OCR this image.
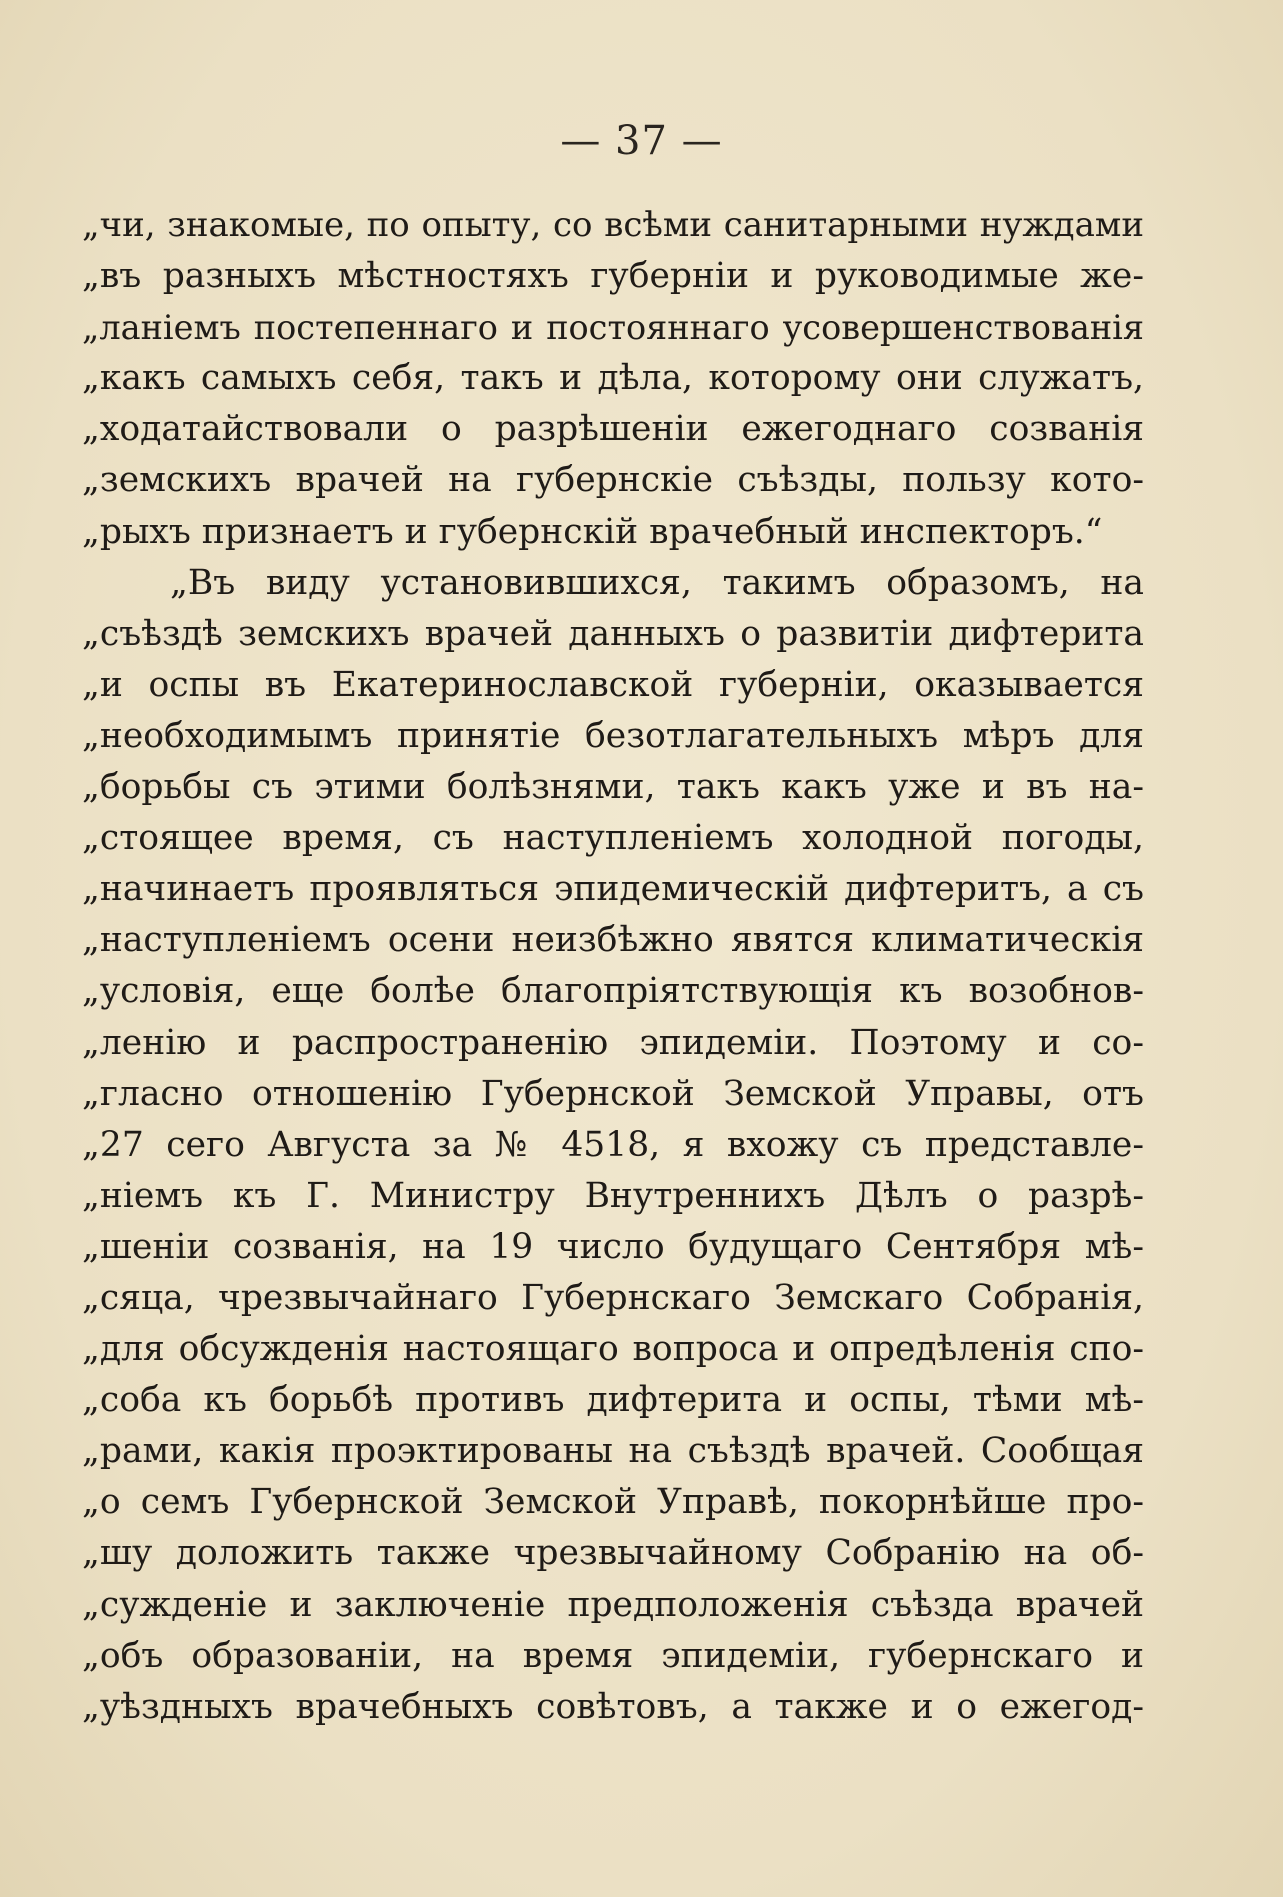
— 37 —
„чи, знакомые, по опыту, со всѣми санитарными нуждами
„въ разныхъ мѣстностяхъ губерніи и руководимые же-
„ланіемъ постепеннаго и постояннаго усовершенствованія
„какъ самыхъ себя, такъ и дѣла, которому они служатъ,
„ходатайствовали о разрѣшеніи ежегоднаго созванія
„земскихъ врачей на губернскіе съѣзды, пользу кото-
„рыхъ признаетъ и губернскій врачебный инспекторъ.“
„Въ виду установившихся, такимъ образомъ, на
„съѣздѣ земскихъ врачей данныхъ о развитіи дифтерита
„и оспы въ Екатеринославской губерніи, оказывается
„необходимымъ принятіе безотлагательныхъ мѣръ для
„борьбы съ этими болѣзнями, такъ какъ уже и въ на-
„стоящее время, съ наступленіемъ холодной погоды,
„начинаетъ проявляться эпидемическій дифтеритъ, а съ
„наступленіемъ осени неизбѣжно явятся климатическія
„условія, еще болѣе благопріятствующія къ возобнов-
„ленію и распространенію эпидеміи. Поэтому и со-
„гласно отношенію Губернской Земской Управы, отъ
„27 сего Августа за № 4518, я вхожу съ представле-
„ніемъ къ Г. Министру Внутреннихъ Дѣлъ о разрѣ-
„шеніи созванія, на 19 число будущаго Сентября мѣ-
„сяца, чрезвычайнаго Губернскаго Земскаго Собранія,
„для обсужденія настоящаго вопроса и опредѣленія спо-
„соба къ борьбѣ противъ дифтерита и оспы, тѣми мѣ-
„рами, какія проэктированы на съѣздѣ врачей. Сообщая
„о семъ Губернской Земской Управѣ, покорнѣйше про-
„шу доложить также чрезвычайному Собранію на об-
„сужденіе и заключеніе предположенія съѣзда врачей
„объ образованіи, на время эпидеміи, губернскаго и
„уѣздныхъ врачебныхъ совѣтовъ, а также и о ежегод-
